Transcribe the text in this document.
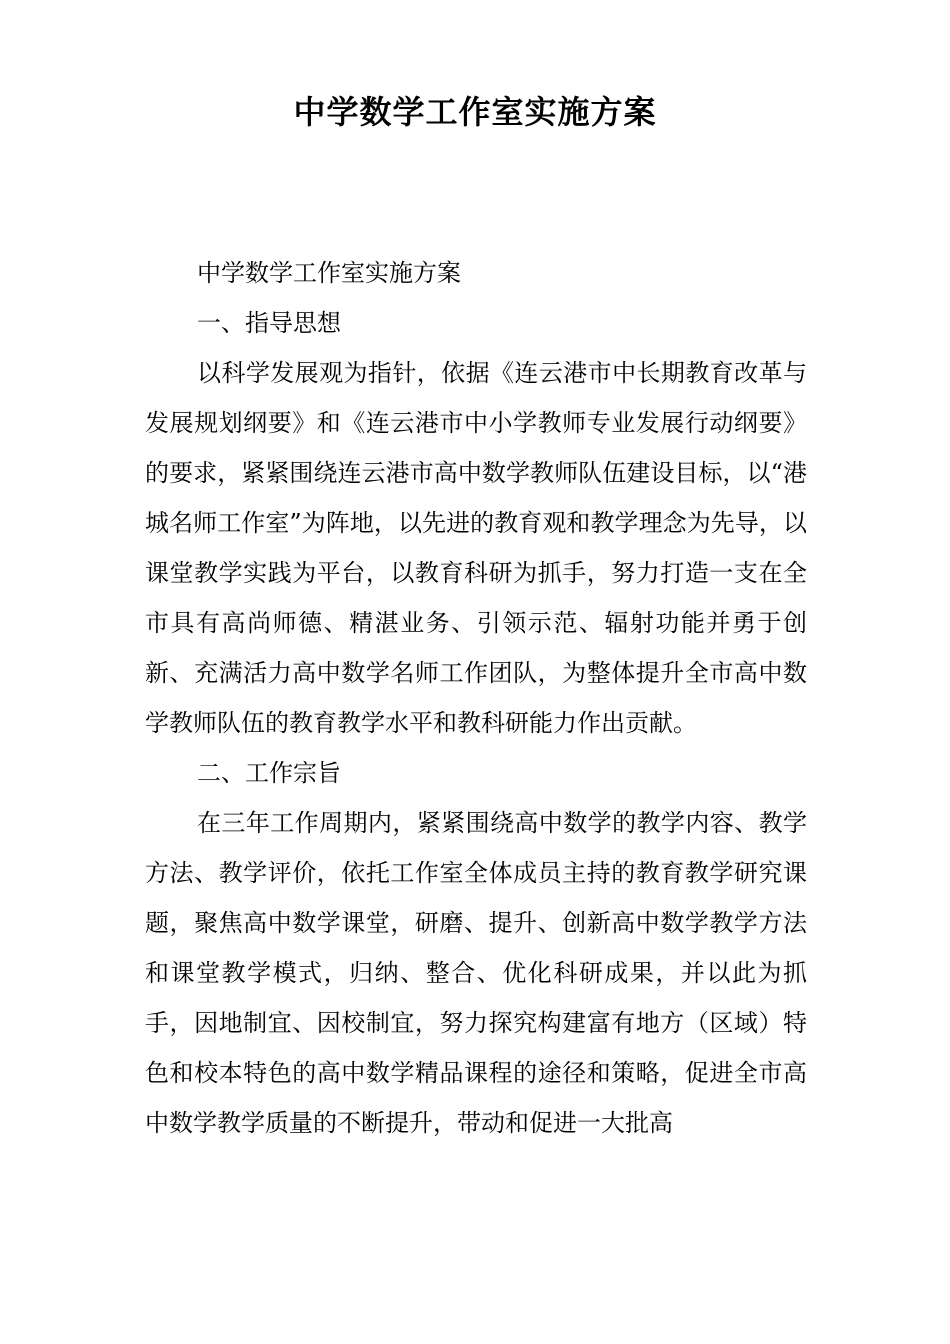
中学数学工作室实施方案

中学数学工作室实施方案

一、指导思想

以科学发展观为指针，依据《连云港市中长期教育改革与发展规划纲要》和《连云港市中小学教师专业发展行动纲要》的要求，紧紧围绕连云港市高中数学教师队伍建设目标，以“港城名师工作室”为阵地，以先进的教育观和教学理念为先导，以课堂教学实践为平台，以教育科研为抓手，努力打造一支在全市具有高尚师德、精湛业务、引领示范、辐射功能并勇于创新、充满活力高中数学名师工作团队，为整体提升全市高中数学教师队伍的教育教学水平和教科研能力作出贡献。

二、工作宗旨

在三年工作周期内，紧紧围绕高中数学的教学内容、教学方法、教学评价，依托工作室全体成员主持的教育教学研究课题，聚焦高中数学课堂，研磨、提升、创新高中数学教学方法和课堂教学模式，归纳、整合、优化科研成果，并以此为抓手，因地制宜、因校制宜，努力探究构建富有地方（区域）特色和校本特色的高中数学精品课程的途径和策略，促进全市高中数学教学质量的不断提升，带动和促进一大批高
